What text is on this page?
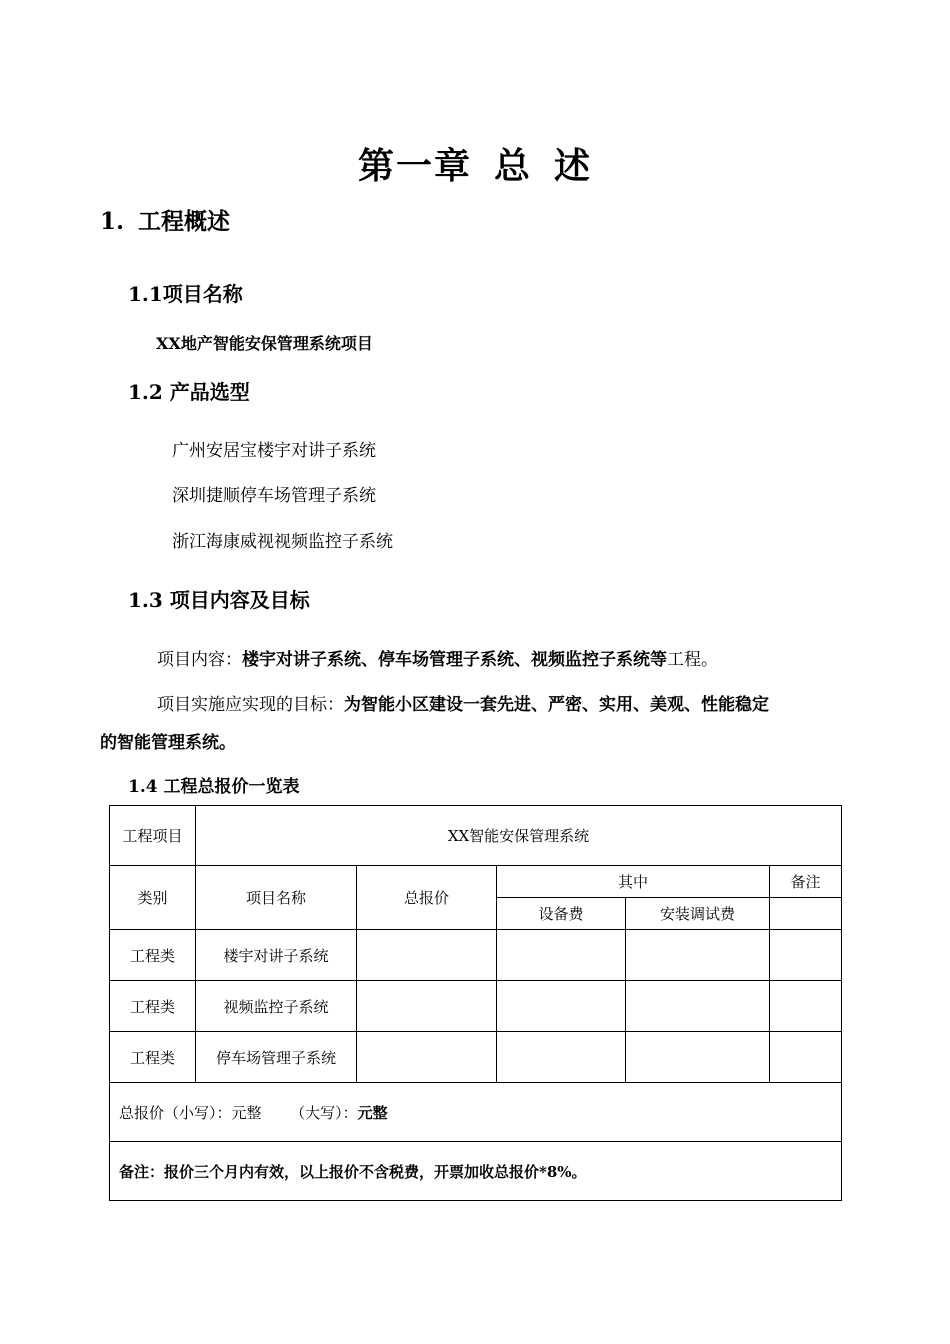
第一章 总 述
1. 工程概述
1.1项目名称
XX地产智能安保管理系统项目
1.2 产品选型
广州安居宝楼宇对讲子系统
深圳捷顺停车场管理子系统
浙江海康威视视频监控子系统
1.3 项目内容及目标
项目内容：楼宇对讲子系统、停车场管理子系统、视频监控子系统等工程。
项目实施应实现的目标：为智能小区建设一套先进、严密、实用、美观、性能稳定
的智能管理系统。
1.4 工程总报价一览表
工程项目	XX智能安保管理系统				
类别	项目名称	总报价	其中		备注
			设备费	安装调试费	
工程类	楼宇对讲子系统				
工程类	视频监控子系统				
工程类	停车场管理子系统				
总报价（小写）：元整 （大写）：元整					
备注：报价三个月内有效，以上报价不含税费，开票加收总报价*8%。					
